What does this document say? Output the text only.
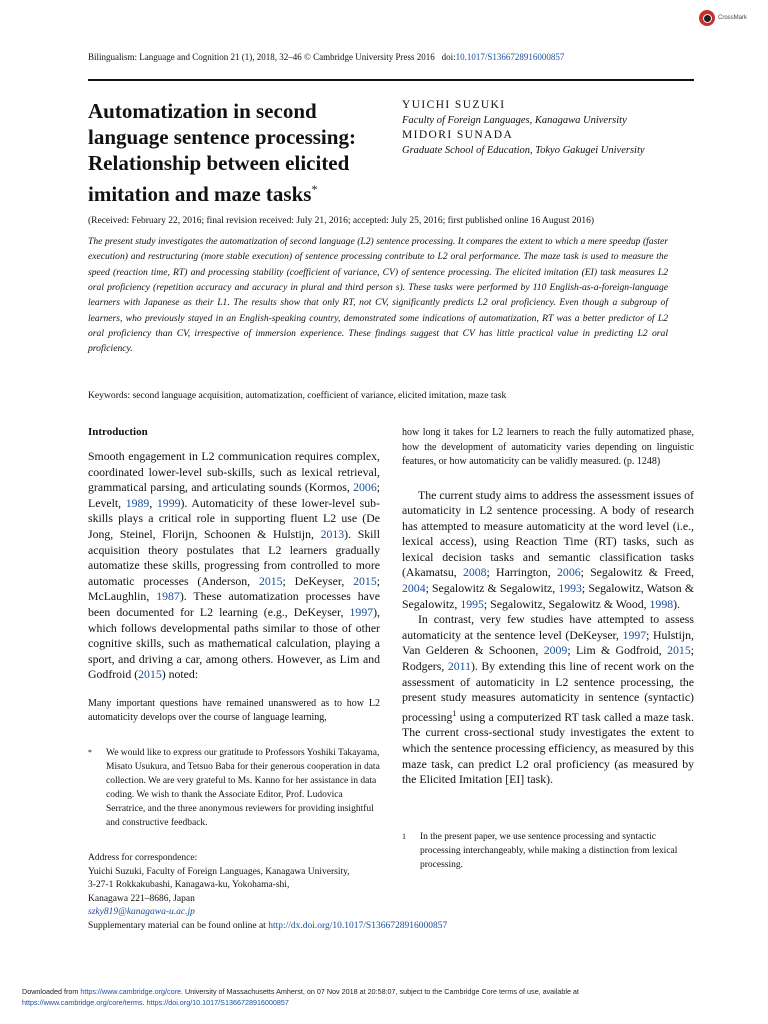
CrossMark
Bilingualism: Language and Cognition 21 (1), 2018, 32–46 © Cambridge University Press 2016 doi:10.1017/S1366728916000857
Automatization in second
language sentence processing:
Relationship between elicited
imitation and maze tasks*
YUICHI SUZUKI
Faculty of Foreign Languages, Kanagawa University
MIDORI SUNADA
Graduate School of Education, Tokyo Gakugei University
(Received: February 22, 2016; final revision received: July 21, 2016; accepted: July 25, 2016; first published online 16 August 2016)
The present study investigates the automatization of second language (L2) sentence processing. It compares the extent to which a mere speedup (faster execution) and restructuring (more stable execution) of sentence processing contribute to L2 oral performance. The maze task is used to measure the speed (reaction time, RT) and processing stability (coefficient of variance, CV) of sentence processing. The elicited imitation (EI) task measures L2 oral proficiency (repetition accuracy and accuracy in plural and third person s). These tasks were performed by 110 English-as-a-foreign-language learners with Japanese as their L1. The results show that only RT, not CV, significantly predicts L2 oral proficiency. Even though a subgroup of learners, who previously stayed in an English-speaking country, demonstrated some indications of automatization, RT was a better predictor of L2 oral proficiency than CV, irrespective of immersion experience. These findings suggest that CV has little practical value in predicting L2 oral proficiency.
Keywords: second language acquisition, automatization, coefficient of variance, elicited imitation, maze task
Introduction

Smooth engagement in L2 communication requires complex, coordinated lower-level sub-skills, such as lexical retrieval, grammatical parsing, and articulating sounds (Kormos, 2006; Levelt, 1989, 1999). Automaticity of these lower-level sub-skills plays a critical role in supporting fluent L2 use (De Jong, Steinel, Florijn, Schoonen & Hulstijn, 2013). Skill acquisition theory postulates that L2 learners gradually automatize these skills, progressing from controlled to more automatic processes (Anderson, 2015; DeKeyser, 2015; McLaughlin, 1987). These automatization processes have been documented for L2 learning (e.g., DeKeyser, 1997), which follows developmental paths similar to those of other cognitive skills, such as mathematical calculation, playing a sport, and driving a car, among others. However, as Lim and Godfroid (2015) noted:

Many important questions have remained unanswered as to how L2 automaticity develops over the course of language learning,

*	We would like to express our gratitude to Professors Yoshiki Takayama, Misato Usukura, and Tetsuo Baba for their generous cooperation in data collection. We are very grateful to Ms. Kanno for her assistance in data coding. We wish to thank the Associate Editor, Prof. Ludovica Serratrice, and the three anonymous reviewers for providing insightful and constructive feedback.

how long it takes for L2 learners to reach the fully automatized phase, how the development of automaticity varies depending on linguistic features, or how automaticity can be validly measured. (p. 1248)

The current study aims to address the assessment issues of automaticity in L2 sentence processing. A body of research has attempted to measure automaticity at the word level (i.e., lexical access), using Reaction Time (RT) tasks, such as lexical decision tasks and semantic classification tasks (Akamatsu, 2008; Harrington, 2006; Segalowitz & Freed, 2004; Segalowitz & Segalowitz, 1993; Segalowitz, Watson & Segalowitz, 1995; Segalowitz, Segalowitz & Wood, 1998).

In contrast, very few studies have attempted to assess automaticity at the sentence level (DeKeyser, 1997; Hulstijn, Van Gelderen & Schoonen, 2009; Lim & Godfroid, 2015; Rodgers, 2011). By extending this line of recent work on the assessment of automaticity in L2 sentence processing, the present study measures automaticity in sentence (syntactic) processing$^1$ using a computerized RT task called a maze task. The current cross-sectional study investigates the extent to which the sentence processing efficiency, as measured by this maze task, can predict L2 oral proficiency (as measured by the Elicited Imitation [EI] task).

1	In the present paper, we use sentence processing and syntactic processing interchangeably, while making a distinction from lexical processing.
Address for correspondence:
Yuichi Suzuki, Faculty of Foreign Languages, Kanagawa University,
3-27-1 Rokkakubashi, Kanagawa-ku, Yokohama-shi,
Kanagawa 221–8686, Japan
szky819@kanagawa-u.ac.jp
Supplementary material can be found online at http://dx.doi.org/10.1017/S1366728916000857
Downloaded from https://www.cambridge.org/core. University of Massachusetts Amherst, on 07 Nov 2018 at 20:58:07, subject to the Cambridge Core terms of use, available at
https://www.cambridge.org/core/terms. https://doi.org/10.1017/S1366728916000857
